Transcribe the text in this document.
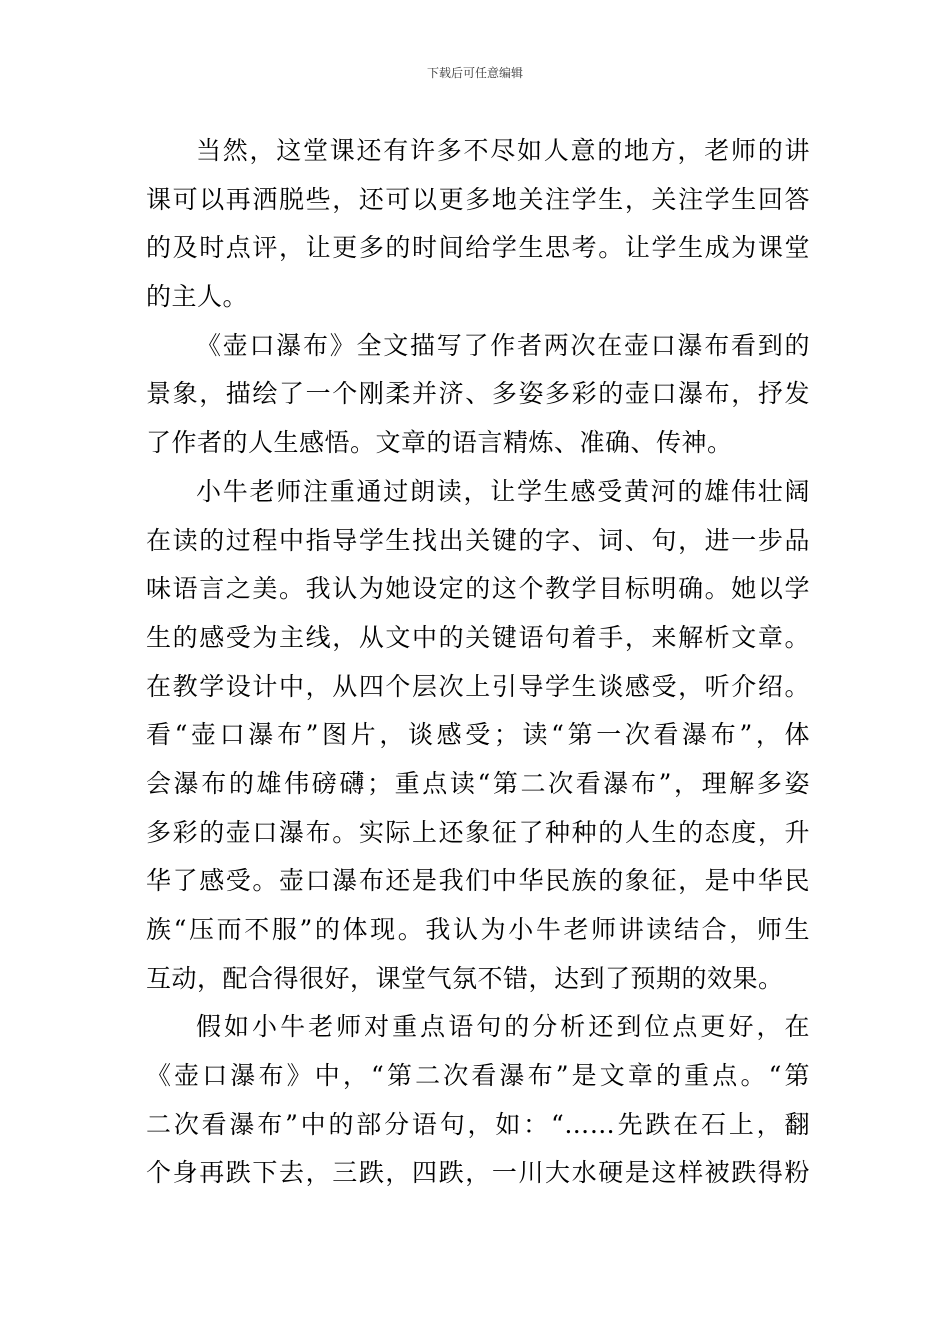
下载后可任意编辑
当然，这堂课还有许多不尽如人意的地方，老师的讲
课可以再洒脱些，还可以更多地关注学生，关注学生回答
的及时点评，让更多的时间给学生思考。让学生成为课堂
的主人。
《壶口瀑布》全文描写了作者两次在壶口瀑布看到的
景象，描绘了一个刚柔并济、多姿多彩的壶口瀑布，抒发
了作者的人生感悟。文章的语言精炼、准确、传神。
小牛老师注重通过朗读，让学生感受黄河的雄伟壮阔
在读的过程中指导学生找出关键的字、词、句，进一步品
味语言之美。我认为她设定的这个教学目标明确。她以学
生的感受为主线，从文中的关键语句着手，来解析文章。
在教学设计中，从四个层次上引导学生谈感受，听介绍。
看“壶口瀑布”图片，谈感受；读“第一次看瀑布”，体
会瀑布的雄伟磅礴；重点读“第二次看瀑布”，理解多姿
多彩的壶口瀑布。实际上还象征了种种的人生的态度，升
华了感受。壶口瀑布还是我们中华民族的象征，是中华民
族“压而不服”的体现。我认为小牛老师讲读结合，师生
互动，配合得很好，课堂气氛不错，达到了预期的效果。
假如小牛老师对重点语句的分析还到位点更好，在
《壶口瀑布》中，“第二次看瀑布”是文章的重点。“第
二次看瀑布”中的部分语句，如：“……先跌在石上，翻
个身再跌下去，三跌，四跌，一川大水硬是这样被跌得粉
